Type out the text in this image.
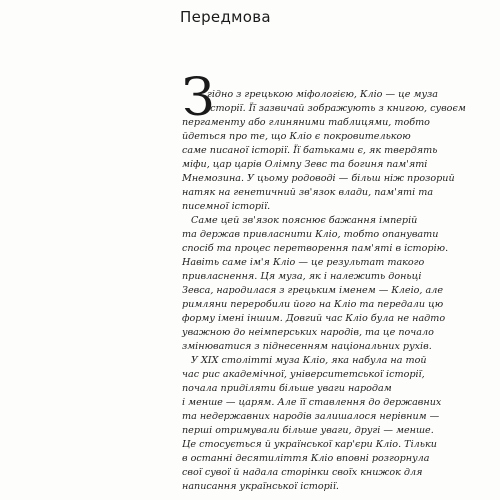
Передмова
З
гідно з грецькою міфологією, Кліо — це муза
історії. Її зазвичай зображують з книгою, сувоєм
пергаменту або глиняними таблицями, тобто
йдеться про те, що Кліо є покровителькою
саме писаної історії. Її батьками є, як твердять
міфи, цар царів Олімпу Зевс та богиня пам'яті
Мнемозина. У цьому родоводі — більш ніж прозорий
натяк на генетичний зв'язок влади, пам'яті та
писемної історії.
Саме цей зв'язок пояснює бажання імперій
та держав привласнити Кліо, тобто опанувати
спосіб та процес перетворення пам'яті в історію.
Навіть саме ім'я Кліо — це результат такого
привласнення. Ця муза, як і належить доньці
Зевса, народилася з грецьким іменем — Клеіо, але
римляни переробили його на Кліо та передали цю
форму імені іншим. Довгий час Кліо була не надто
уважною до неімперських народів, та це почало
змінюватися з піднесенням національних рухів.
У XIX столітті муза Кліо, яка набула на той
час рис академічної, університетської історії,
почала приділяти більше уваги народам
і менше — царям. Але її ставлення до державних
та недержавних народів залишалося нерівним —
перші отримували більше уваги, другі — менше.
Це стосується й української кар'єри Кліо. Тільки
в останні десятиліття Кліо вповні розгорнула
свої сувої й надала сторінки своїх книжок для
написання української історії.
